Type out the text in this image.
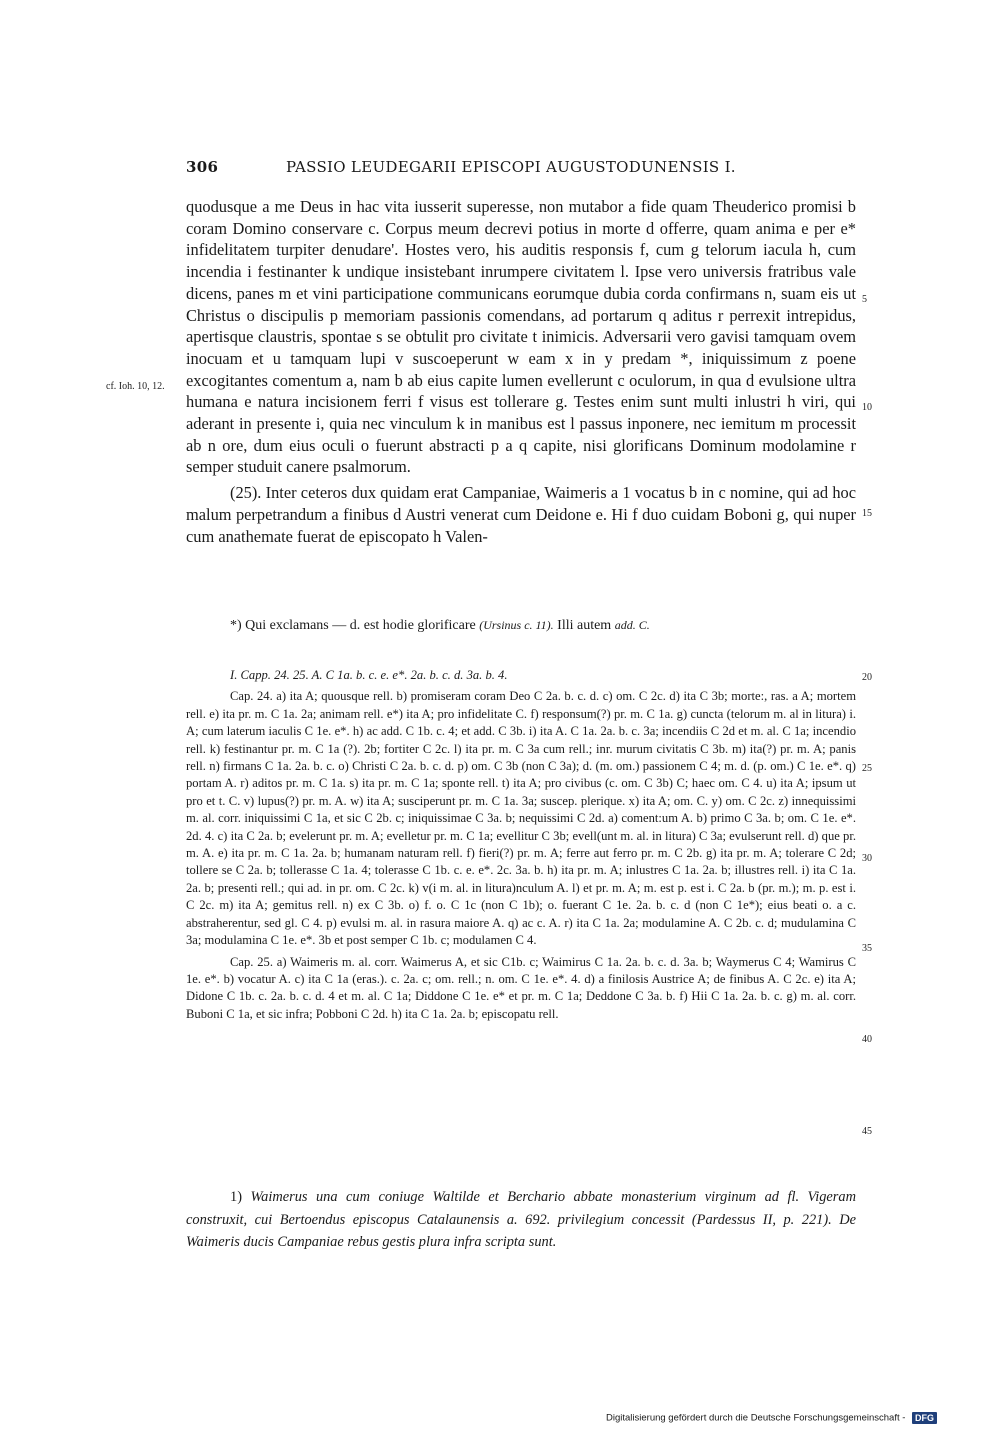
306	PASSIO LEUDEGARII EPISCOPI AUGUSTODUNENSIS I.

quodusque a me Deus in hac vita iusserit superesse, non mutabor a fide quam Theuderico promisi b coram Domino conservare c. Corpus meum decrevi potius in morte d offerre, quam anima e per e* infidelitatem turpiter denudare'. Hostes vero, his auditis responsis f, cum g telorum iacula h, cum incendia i festinanter k undique insistebant inrumpere civitatem l. Ipse vero universis fratribus vale dicens, panes m et vini participatione communicans eorumque dubia corda confirmans n, suam eis ut Christus o discipulis p memoriam passionis comendans, ad portarum q aditus r perrexit intrepidus, apertisque claustris, spontae s se obtulit pro civitate t inimicis. Adversarii vero gavisi tamquam ovem inocuam et u tamquam lupi v suscoeperunt w eam x in y predam *, iniquissimum z poene excogitantes comentum a, nam b ab eius capite lumen evellerunt c oculorum, in qua d evulsione ultra humana e natura incisionem ferri f visus est tollerare g. Testes enim sunt multi inlustri h viri, qui aderant in presente i, quia nec vinculum k in manibus est l passus inponere, nec iemitum m processit ab n ore, dum eius oculi o fuerunt abstracti p a q capite, nisi glorificans Dominum modolamine r semper studuit canere psalmorum.

(25). Inter ceteros dux quidam erat Campaniae, Waimeris a 1 vocatus b in c nomine, qui ad hoc malum perpetrandum a finibus d Austri venerat cum Deidone e. Hi f duo cuidam Boboni g, qui nuper cum anathemate fuerat de episcopato h Valen-

cf. Ioh. 10, 12.
5
10
15
20
25
30
35
40
45
*) Qui exclamans — d. est hodie glorificare (Ursinus c. 11). Illi autem add. C.

I. Capp. 24. 25. A. C 1a. b. c. e. e*. 2a. b. c. d. 3a. b. 4.

Cap. 24. a) ita A; quousque rell. b) promiseram coram Deo C 2a. b. c. d. c) om. C 2c. d) ita C 3b; morte:, ras. a A; mortem rell. e) ita pr. m. C 1a. 2a; animam rell. e*) ita A; pro infidelitate C. f) responsum(?) pr. m. C 1a. g) cuncta (telorum m. al in litura) i. A; cum laterum iaculis C 1e. e*. h) ac add. C 1b. c. 4; et add. C 3b. i) ita A. C 1a. 2a. b. c. 3a; incendiis C 2d et m. al. C 1a; incendio rell. k) festinantur pr. m. C 1a (?). 2b; fortiter C 2c. l) ita pr. m. C 3a cum rell.; inr. murum civitatis C 3b. m) ita(?) pr. m. A; panis rell. n) firmans C 1a. 2a. b. c. o) Christi C 2a. b. c. d. p) om. C 3b (non C 3a); d. (m. om.) passionem C 4; m. d. (p. om.) C 1e. e*. q) portam A. r) aditos pr. m. C 1a. s) ita pr. m. C 1a; sponte rell. t) ita A; pro civibus (c. om. C 3b) C; haec om. C 4. u) ita A; ipsum ut pro et t. C. v) lupus(?) pr. m. A. w) ita A; susciperunt pr. m. C 1a. 3a; suscep. plerique. x) ita A; om. C. y) om. C 2c. z) innequissimi m. al. corr. iniquissimi C 1a, et sic C 2b. c; iniquissimae C 3a. b; nequissimi C 2d. a) coment:um A. b) primo C 3a. b; om. C 1e. e*. 2d. 4. c) ita C 2a. b; evelerunt pr. m. A; evelletur pr. m. C 1a; evellitur C 3b; evell(unt m. al. in litura) C 3a; evulserunt rell. d) que pr. m. A. e) ita pr. m. C 1a. 2a. b; humanam naturam rell. f) fieri(?) pr. m. A; ferre aut ferro pr. m. C 2b. g) ita pr. m. A; tolerare C 2d; tollere se C 2a. b; tollerasse C 1a. 4; tolerasse C 1b. c. e. e*. 2c. 3a. b. h) ita pr. m. A; inlustres C 1a. 2a. b; illustres rell. i) ita C 1a. 2a. b; presenti rell.; qui ad. in pr. om. C 2c. k) v(i m. al. in litura)nculum A. l) et pr. m. A; m. est p. est i. C 2a. b (pr. m.); m. p. est i. C 2c. m) ita A; gemitus rell. n) ex C 3b. o) f. o. C 1c (non C 1b); o. fuerant C 1e. 2a. b. c. d (non C 1e*); eius beati o. a c. abstraherentur, sed gl. C 4. p) evulsi m. al. in rasura maiore A. q) ac c. A. r) ita C 1a. 2a; modulamine A. C 2b. c. d; mudulamina C 3a; modulamina C 1e. e*. 3b et post semper C 1b. c; modulamen C 4.

Cap. 25. a) Waimeris m. al. corr. Waimerus A, et sic C1b. c; Waimirus C 1a. 2a. b. c. d. 3a. b; Waymerus C 4; Wamirus C 1e. e*. b) vocatur A. c) ita C 1a (eras.). c. 2a. c; om. rell.; n. om. C 1e. e*. 4. d) a finilosis Austrice A; de finibus A. C 2c. e) ita A; Didone C 1b. c. 2a. b. c. d. 4 et m. al. C 1a; Diddone C 1e. e* et pr. m. C 1a; Deddone C 3a. b. f) Hii C 1a. 2a. b. c. g) m. al. corr. Buboni C 1a, et sic infra; Pobboni C 2d. h) ita C 1a. 2a. b; episcopatu rell.

1) Waimerus una cum coniuge Waltilde et Berchario abbate monasterium virginum ad fl. Vigeram construxit, cui Bertoendus episcopus Catalaunensis a. 692. privilegium concessit (Pardessus II, p. 221). De Waimeris ducis Campaniae rebus gestis plura infra scripta sunt.
Digitalisierung gefördert durch die Deutsche Forschungsgemeinschaft - DFG
